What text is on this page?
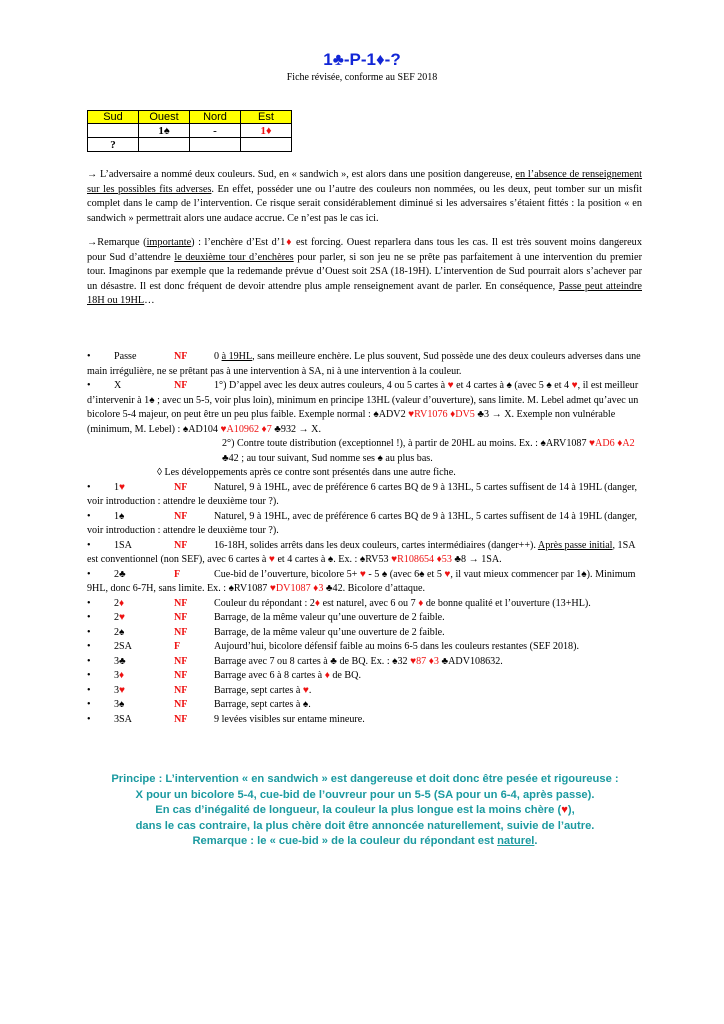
1♣-P-1♦-?
Fiche révisée, conforme au SEF 2018
Sud	Ouest	Nord	Est
	1♠	-	1♦
?			
→ L’adversaire a nommé deux couleurs. Sud, en « sandwich », est alors dans une position dangereuse, en l’absence de renseignement sur les possibles fits adverses. En effet, posséder une ou l’autre des couleurs non nommées, ou les deux, peut tomber sur un misfit complet dans le camp de l’intervention. Ce risque serait considérablement diminué si les adversaires s’étaient fittés : la position « en sandwich » permettrait alors une audace accrue. Ce n’est pas le cas ici.
→Remarque (importante) : l’enchère d’Est d’1♦ est forcing. Ouest reparlera dans tous les cas. Il est très souvent moins dangereux pour Sud d’attendre le deuxième tour d’enchères pour parler, si son jeu ne se prête pas parfaitement à une intervention du premier tour. Imaginons par exemple que la redemande prévue d’Ouest soit 2SA (18-19H). L’intervention de Sud pourrait alors s’achever par un désastre. Il est donc fréquent de devoir attendre plus ample renseignement avant de parler. En conséquence, Passe peut atteindre 18H ou 19HL…
• Passe	NF	0 à 19HL, sans meilleure enchère. Le plus souvent, Sud possède une des deux couleurs adverses dans une main irrégulière, ne se prêtant pas à une intervention à SA, ni à une intervention à la couleur.
• X	NF	1°) D’appel avec les deux autres couleurs, 4 ou 5 cartes à ♥ et 4 cartes à ♠ (avec 5 ♠ et 4 ♥, il est meilleur d’intervenir à 1♠ ; avec un 5-5, voir plus loin), minimum en principe 13HL (valeur d’ouverture), sans limite. M. Lebel admet qu’avec un bicolore 5-4 majeur, on peut être un peu plus faible. Exemple normal : ♠ADV2 ♥RV1076 ♦DV5 ♣3 → X. Exemple non vulnérable (minimum, M. Lebel) : ♠AD104 ♥A10962 ♦7 ♣932 → X.
2°) Contre toute distribution (exceptionnel !), à partir de 20HL au moins. Ex. : ♠ARV1087 ♥AD6 ♦A2 ♣42 ; au tour suivant, Sud nomme ses ♠ au plus bas.
◊ Les développements après ce contre sont présentés dans une autre fiche.
• 1♥	NF	Naturel, 9 à 19HL, avec de préférence 6 cartes BQ de 9 à 13HL, 5 cartes suffisent de 14 à 19HL (danger, voir introduction : attendre le deuxième tour ?).
• 1♠	NF	Naturel, 9 à 19HL, avec de préférence 6 cartes BQ de 9 à 13HL, 5 cartes suffisent de 14 à 19HL (danger, voir introduction : attendre le deuxième tour ?).
• 1SA	NF	16-18H, solides arrêts dans les deux couleurs, cartes intermédiaires (danger++). Après passe initial, 1SA est conventionnel (non SEF), avec 6 cartes à ♥ et 4 cartes à ♠. Ex. : ♠RV53 ♥R108654 ♦53 ♣8 → 1SA.
• 2♣	F	Cue-bid de l’ouverture, bicolore 5+ ♥ - 5 ♠ (avec 6♠ et 5 ♥, il vaut mieux commencer par 1♠). Minimum 9HL, donc 6-7H, sans limite. Ex. : ♠RV1087 ♥DV1087 ♦3 ♣42. Bicolore d’attaque.
• 2♦	NF	Couleur du répondant : 2♦ est naturel, avec 6 ou 7 ♦ de bonne qualité et l’ouverture (13+HL).
• 2♥	NF	Barrage, de la même valeur qu’une ouverture de 2 faible.
• 2♠	NF	Barrage, de la même valeur qu’une ouverture de 2 faible.
• 2SA	F	Aujourd’hui, bicolore défensif faible au moins 6-5 dans les couleurs restantes (SEF 2018).
• 3♣	NF	Barrage avec 7 ou 8 cartes à ♣ de BQ. Ex. : ♠32 ♥87 ♦3 ♣ADV108632.
• 3♦	NF	Barrage avec 6 à 8 cartes à ♦ de BQ.
• 3♥	NF	Barrage, sept cartes à ♥.
• 3♠	NF	Barrage, sept cartes à ♠.
• 3SA	NF	9 levées visibles sur entame mineure.
Principe : L’intervention « en sandwich » est dangereuse et doit donc être pesée et rigoureuse :
X pour un bicolore 5-4, cue-bid de l’ouvreur pour un 5-5 (SA pour un 6-4, après passe).
En cas d’inégalité de longueur, la couleur la plus longue est la moins chère (♥),
dans le cas contraire, la plus chère doit être annoncée naturellement, suivie de l’autre.
Remarque : le « cue-bid » de la couleur du répondant est naturel.
